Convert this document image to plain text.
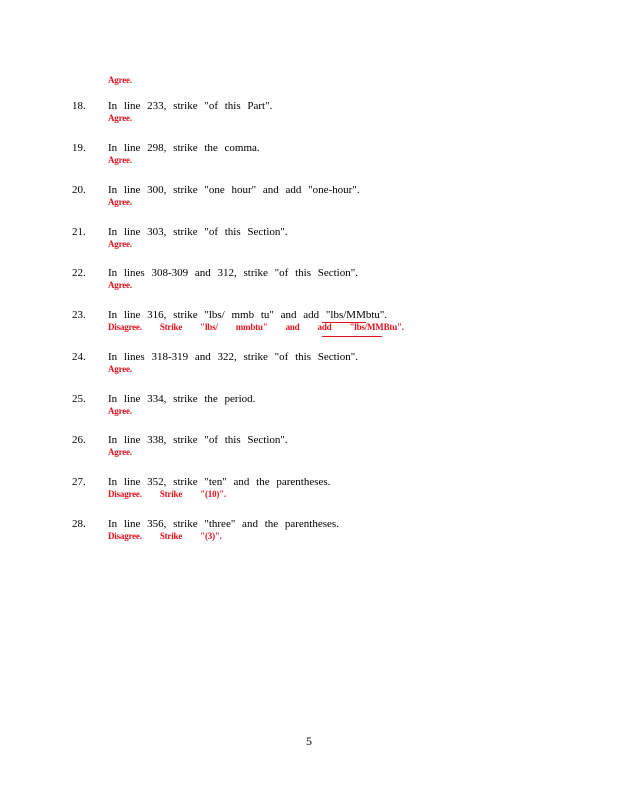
Agree.
18. In line 233, strike "of this Part".
Agree.
19. In line 298, strike the comma.
Agree.
20. In line 300, strike "one hour" and add "one-hour".
Agree.
21. In line 303, strike "of this Section".
Agree.
22. In lines 308-309 and 312, strike "of this Section".
Agree.
23. In line 316, strike "lbs/ mmb tu" and add "lbs/MMbtu".
Disagree. Strike "lbs/ mmbtu" and add "lbs/MMBtu".
24. In lines 318-319 and 322, strike "of this Section".
Agree.
25. In line 334, strike the period.
Agree.
26. In line 338, strike "of this Section".
Agree.
27. In line 352, strike "ten" and the parentheses.
Disagree. Strike "(10)".
28. In line 356, strike "three" and the parentheses.
Disagree. Strike "(3)".
5
